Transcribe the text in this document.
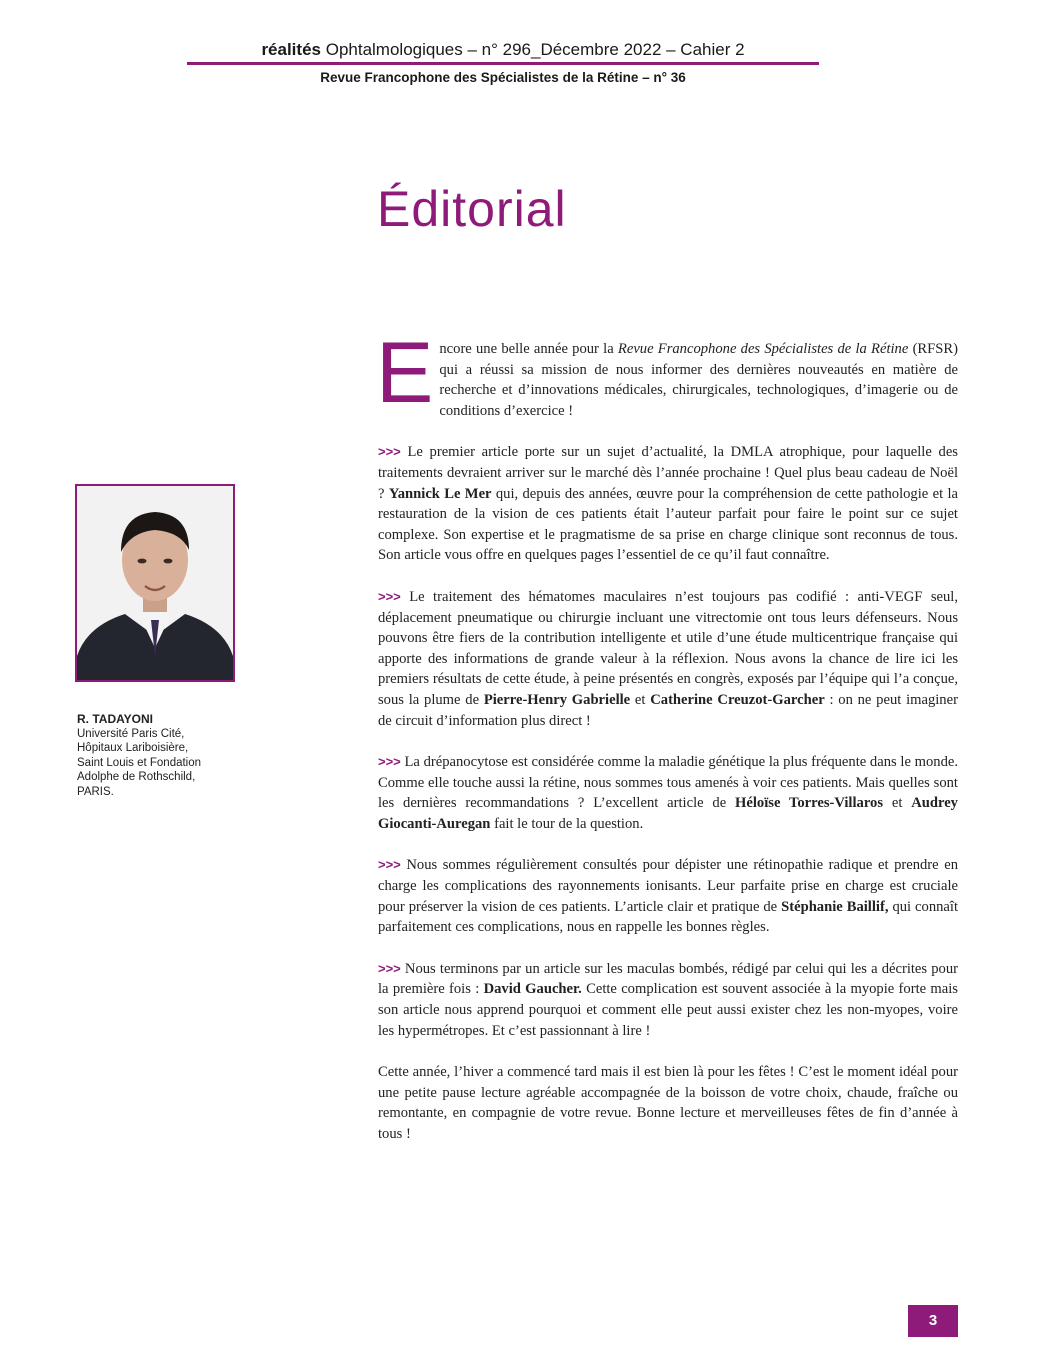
réalités Ophtalmologiques – n° 296_Décembre 2022 – Cahier 2
Revue Francophone des Spécialistes de la Rétine – n° 36
Éditorial
R. TADAYONI
Université Paris Cité,
Hôpitaux Lariboisière,
Saint Louis et Fondation
Adolphe de Rothschild,
PARIS.

Encore une belle année pour la Revue Francophone des Spécialistes de la Rétine (RFSR) qui a réussi sa mission de nous informer des dernières nouveautés en matière de recherche et d’innovations médicales, chirurgicales, technologiques, d’imagerie ou de conditions d’exercice !

>>> Le premier article porte sur un sujet d’actualité, la DMLA atrophique, pour laquelle des traitements devraient arriver sur le marché dès l’année prochaine ! Quel plus beau cadeau de Noël ? Yannick Le Mer qui, depuis des années, œuvre pour la compréhension de cette pathologie et la restauration de la vision de ces patients était l’auteur parfait pour faire le point sur ce sujet complexe. Son expertise et le pragmatisme de sa prise en charge clinique sont reconnus de tous. Son article vous offre en quelques pages l’essentiel de ce qu’il faut connaître.

>>> Le traitement des hématomes maculaires n’est toujours pas codifié : anti-VEGF seul, déplacement pneumatique ou chirurgie incluant une vitrectomie ont tous leurs défenseurs. Nous pouvons être fiers de la contribution intelligente et utile d’une étude multicentrique française qui apporte des informations de grande valeur à la réflexion. Nous avons la chance de lire ici les premiers résultats de cette étude, à peine présentés en congrès, exposés par l’équipe qui l’a conçue, sous la plume de Pierre-Henry Gabrielle et Catherine Creuzot-Garcher : on ne peut imaginer de circuit d’information plus direct !

>>> La drépanocytose est considérée comme la maladie génétique la plus fréquente dans le monde. Comme elle touche aussi la rétine, nous sommes tous amenés à voir ces patients. Mais quelles sont les dernières recommandations ? L’excellent article de Héloïse Torres-Villaros et Audrey Giocanti-Auregan fait le tour de la question.

>>> Nous sommes régulièrement consultés pour dépister une rétinopathie radique et prendre en charge les complications des rayonnements ionisants. Leur parfaite prise en charge est cruciale pour préserver la vision de ces patients. L’article clair et pratique de Stéphanie Baillif, qui connaît parfaitement ces complications, nous en rappelle les bonnes règles.

>>> Nous terminons par un article sur les maculas bombés, rédigé par celui qui les a décrites pour la première fois : David Gaucher. Cette complication est souvent associée à la myopie forte mais son article nous apprend pourquoi et comment elle peut aussi exister chez les non-myopes, voire les hypermétropes. Et c’est passionnant à lire !

Cette année, l’hiver a commencé tard mais il est bien là pour les fêtes ! C’est le moment idéal pour une petite pause lecture agréable accompagnée de la boisson de votre choix, chaude, fraîche ou remontante, en compagnie de votre revue. Bonne lecture et merveilleuses fêtes de fin d’année à tous !

3
